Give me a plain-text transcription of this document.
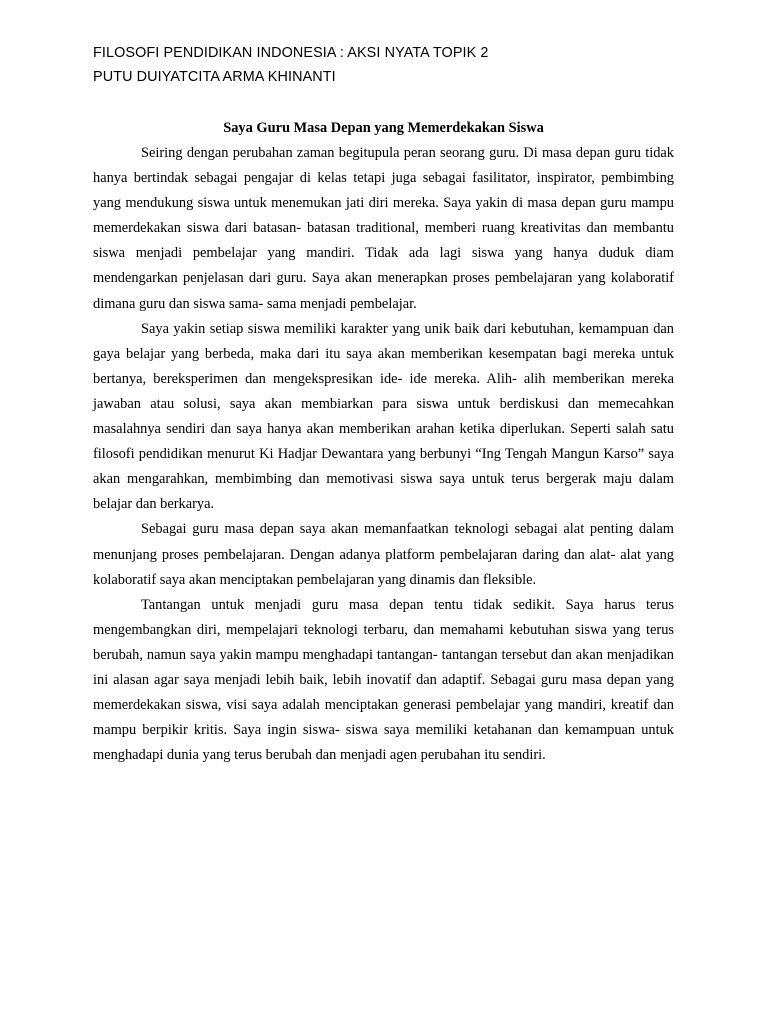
FILOSOFI PENDIDIKAN INDONESIA : AKSI NYATA TOPIK 2
PUTU DUIYATCITA ARMA KHINANTI
Saya Guru Masa Depan yang Memerdekakan Siswa

Seiring dengan perubahan zaman begitupula peran seorang guru. Di masa depan guru tidak hanya bertindak sebagai pengajar di kelas tetapi juga sebagai fasilitator, inspirator, pembimbing yang mendukung siswa untuk menemukan jati diri mereka. Saya yakin di masa depan guru mampu memerdekakan siswa dari batasan- batasan traditional, memberi ruang kreativitas dan membantu siswa menjadi pembelajar yang mandiri. Tidak ada lagi siswa yang hanya duduk diam mendengarkan penjelasan dari guru. Saya akan menerapkan proses pembelajaran yang kolaboratif dimana guru dan siswa sama- sama menjadi pembelajar.

Saya yakin setiap siswa memiliki karakter yang unik baik dari kebutuhan, kemampuan dan gaya belajar yang berbeda, maka dari itu saya akan memberikan kesempatan bagi mereka untuk bertanya, bereksperimen dan mengekspresikan ide- ide mereka. Alih- alih memberikan mereka jawaban atau solusi, saya akan membiarkan para siswa untuk berdiskusi dan memecahkan masalahnya sendiri dan saya hanya akan memberikan arahan ketika diperlukan. Seperti salah satu filosofi pendidikan menurut Ki Hadjar Dewantara yang berbunyi “Ing Tengah Mangun Karso” saya akan mengarahkan, membimbing dan memotivasi siswa saya untuk terus bergerak maju dalam belajar dan berkarya.

Sebagai guru masa depan saya akan memanfaatkan teknologi sebagai alat penting dalam menunjang proses pembelajaran. Dengan adanya platform pembelajaran daring dan alat- alat yang kolaboratif saya akan menciptakan pembelajaran yang dinamis dan fleksible.

Tantangan untuk menjadi guru masa depan tentu tidak sedikit. Saya harus terus mengembangkan diri, mempelajari teknologi terbaru, dan memahami kebutuhan siswa yang terus berubah, namun saya yakin mampu menghadapi tantangan- tantangan tersebut dan akan menjadikan ini alasan agar saya menjadi lebih baik, lebih inovatif dan adaptif. Sebagai guru masa depan yang memerdekakan siswa, visi saya adalah menciptakan generasi pembelajar yang mandiri, kreatif dan mampu berpikir kritis. Saya ingin siswa- siswa saya memiliki ketahanan dan kemampuan untuk menghadapi dunia yang terus berubah dan menjadi agen perubahan itu sendiri.
